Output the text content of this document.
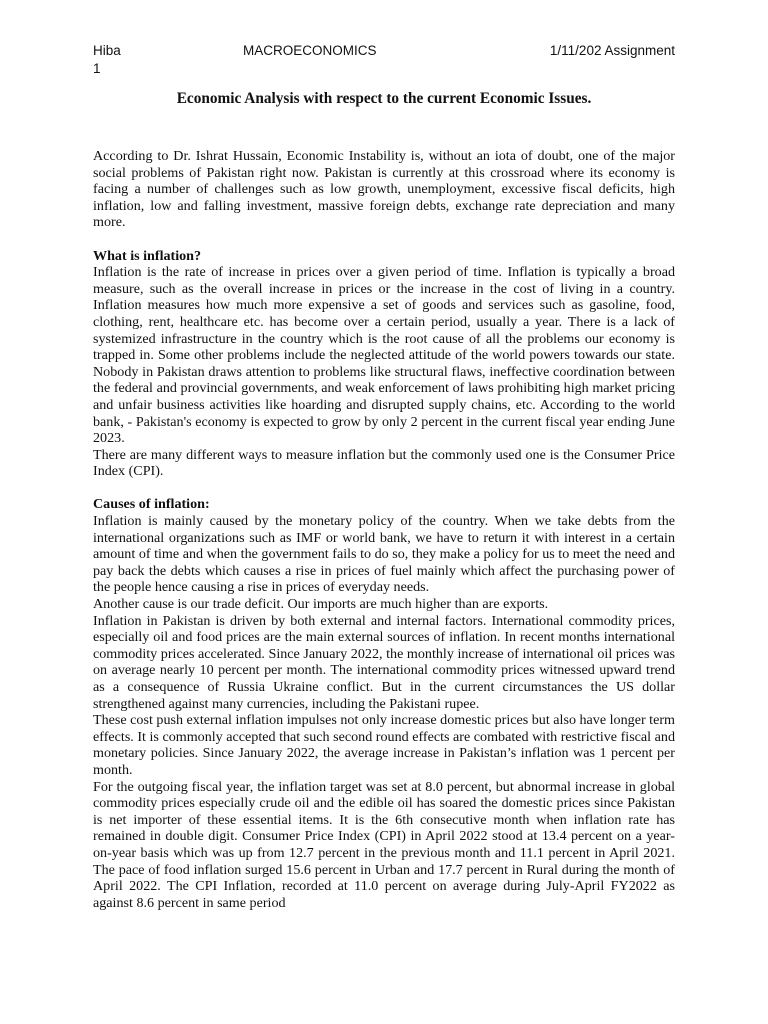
Hiba
1
MACROECONOMICS	1/11/202 Assignment
Economic Analysis with respect to the current Economic Issues.

According to Dr. Ishrat Hussain, Economic Instability is, without an iota of doubt, one of the major social problems of Pakistan right now. Pakistan is currently at this crossroad where its economy is facing a number of challenges such as low growth, unemployment, excessive fiscal deficits, high inflation, low and falling investment, massive foreign debts, exchange rate depreciation and many more.

What is inflation?

Inflation is the rate of increase in prices over a given period of time. Inflation is typically a broad measure, such as the overall increase in prices or the increase in the cost of living in a country. Inflation measures how much more expensive a set of goods and services such as gasoline, food, clothing, rent, healthcare etc. has become over a certain period, usually a year. There is a lack of systemized infrastructure in the country which is the root cause of all the problems our economy is trapped in. Some other problems include the neglected attitude of the world powers towards our state. Nobody in Pakistan draws attention to problems like structural flaws, ineffective coordination between the federal and provincial governments, and weak enforcement of laws prohibiting high market pricing and unfair business activities like hoarding and disrupted supply chains, etc. According to the world bank, - Pakistan's economy is expected to grow by only 2 percent in the current fiscal year ending June 2023.

There are many different ways to measure inflation but the commonly used one is the Consumer Price Index (CPI).

Causes of inflation:

Inflation is mainly caused by the monetary policy of the country. When we take debts from the international organizations such as IMF or world bank, we have to return it with interest in a certain amount of time and when the government fails to do so, they make a policy for us to meet the need and pay back the debts which causes a rise in prices of fuel mainly which affect the purchasing power of the people hence causing a rise in prices of everyday needs.

Another cause is our trade deficit. Our imports are much higher than are exports.

Inflation in Pakistan is driven by both external and internal factors. International commodity prices, especially oil and food prices are the main external sources of inflation. In recent months international commodity prices accelerated. Since January 2022, the monthly increase of international oil prices was on average nearly 10 percent per month. The international commodity prices witnessed upward trend as a consequence of Russia Ukraine conflict. But in the current circumstances the US dollar strengthened against many currencies, including the Pakistani rupee.

These cost push external inflation impulses not only increase domestic prices but also have longer term effects. It is commonly accepted that such second round effects are combated with restrictive fiscal and monetary policies. Since January 2022, the average increase in Pakistan’s inflation was 1 percent per month.

For the outgoing fiscal year, the inflation target was set at 8.0 percent, but abnormal increase in global commodity prices especially crude oil and the edible oil has soared the domestic prices since Pakistan is net importer of these essential items. It is the 6th consecutive month when inflation rate has remained in double digit. Consumer Price Index (CPI) in April 2022 stood at 13.4 percent on a year-on-year basis which was up from 12.7 percent in the previous month and 11.1 percent in April 2021. The pace of food inflation surged 15.6 percent in Urban and 17.7 percent in Rural during the month of April 2022. The CPI Inflation, recorded at 11.0 percent on average during July-April FY2022 as against 8.6 percent in same period
